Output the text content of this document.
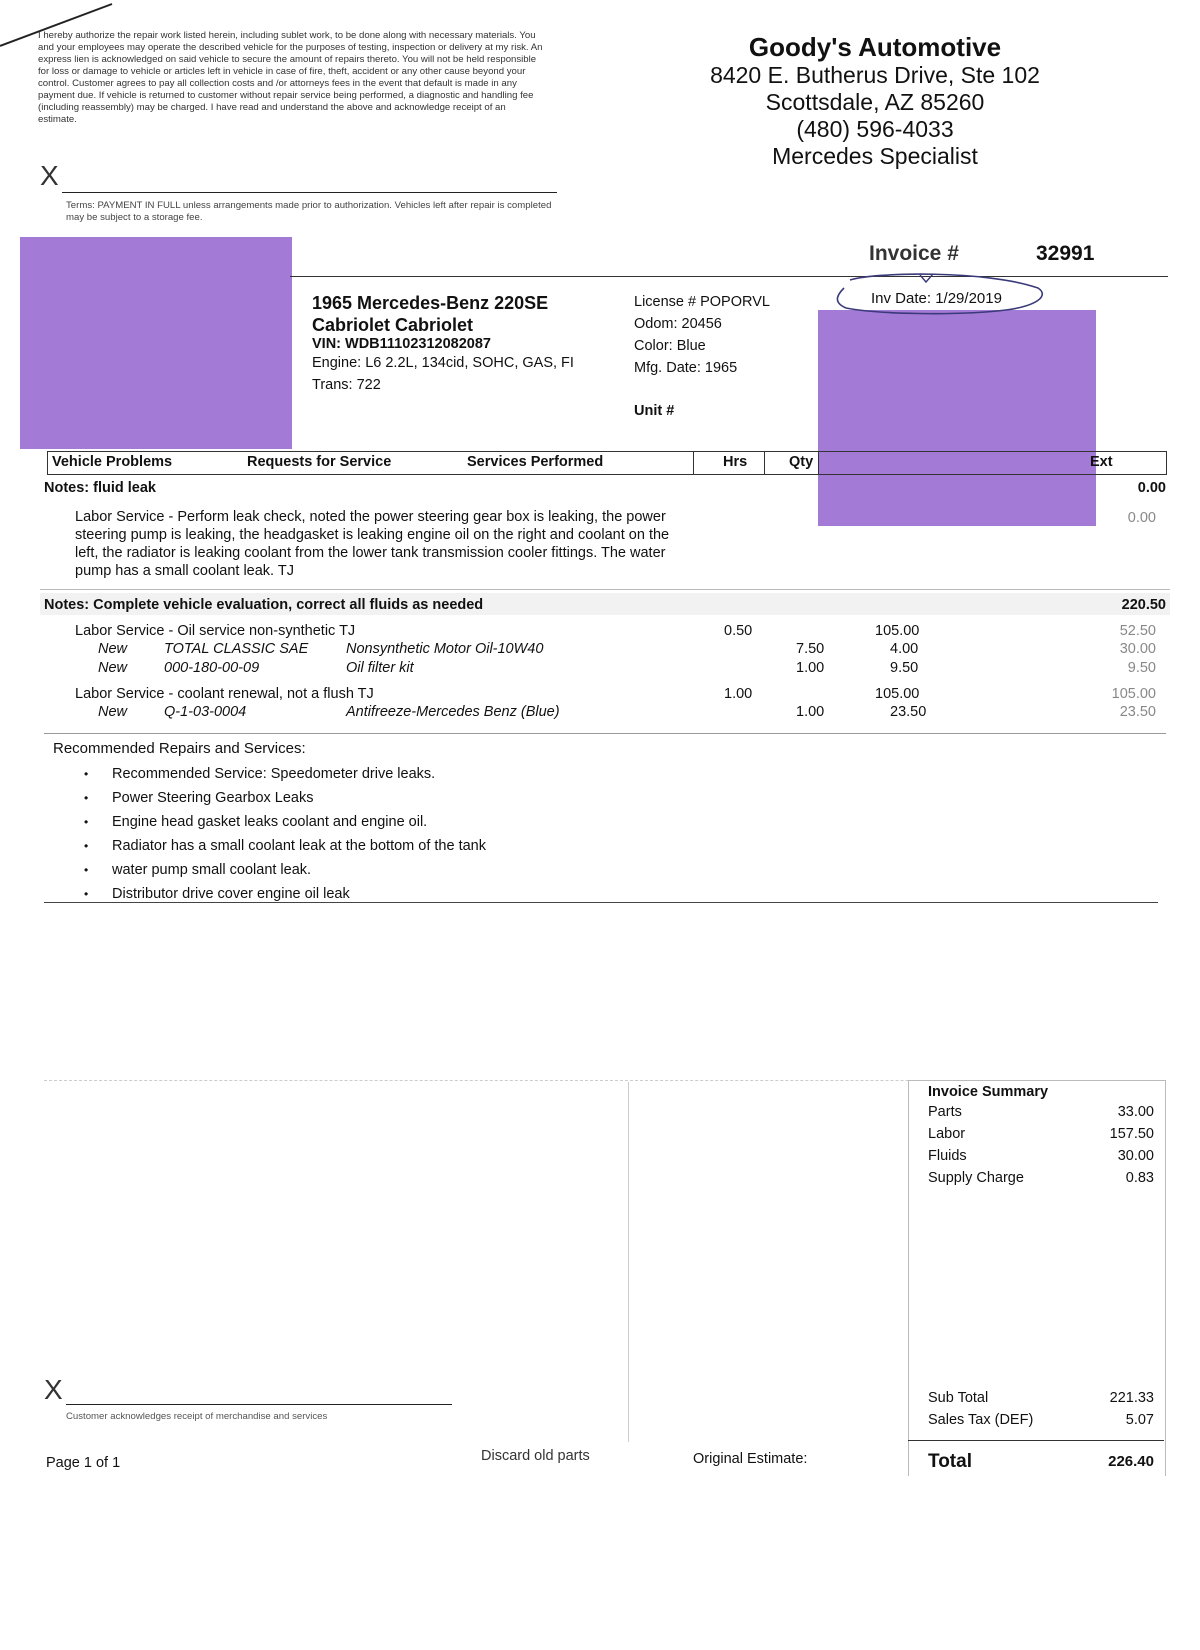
I hereby authorize the repair work listed herein, including sublet work, to be done along with necessary materials. You and your employees may operate the described vehicle for the purposes of testing, inspection or delivery at my risk. An express lien is acknowledged on said vehicle to secure the amount of repairs thereto. You will not be held responsible for loss or damage to vehicle or articles left in vehicle in case of fire, theft, accident or any other cause beyond your control. Customer agrees to pay all collection costs and /or attorneys fees in the event that default is made in any payment due. If vehicle is returned to customer without repair service being performed, a diagnostic and handling fee (including reassembly) may be charged. I have read and understand the above and acknowledge receipt of an estimate.
X
Terms: PAYMENT IN FULL unless arrangements made prior to authorization. Vehicles left after repair is completed may be subject to a storage fee.
Goody's Automotive
8420 E. Butherus Drive, Ste 102
Scottsdale, AZ 85260
(480) 596-4033
Mercedes Specialist
Invoice #	32991
Inv Date: 1/29/2019
1965 Mercedes-Benz 220SE
Cabriolet Cabriolet
VIN: WDB11102312082087
Engine: L6 2.2L, 134cid, SOHC, GAS, FI
Trans: 722
License # POPORVL
Odom: 20456
Color: Blue
Mfg. Date: 1965
Unit #
Vehicle Problems	Requests for Service	Services Performed	Hrs	Qty	Ext
Notes: fluid leak	0.00
Labor Service - Perform leak check, noted the power steering gear box is leaking, the power steering pump is leaking, the headgasket is leaking engine oil on the right and coolant on the left, the radiator is leaking coolant from the lower tank transmission cooler fittings. The water pump has a small coolant leak. TJ
0.00
Notes: Complete vehicle evaluation, correct all fluids as needed	220.50
Labor Service - Oil service non-synthetic TJ	0.50	105.00	52.50
New	TOTAL CLASSIC SAE	Nonsynthetic Motor Oil-10W40	7.50	4.00	30.00
New	000-180-00-09	Oil filter kit	1.00	9.50	9.50
Labor Service - coolant renewal, not a flush TJ	1.00	105.00	105.00
New	Q-1-03-0004	Antifreeze-Mercedes Benz (Blue)	1.00	23.50	23.50
Recommended Repairs and Services:
• Recommended Service: Speedometer drive leaks.
• Power Steering Gearbox Leaks
• Engine head gasket leaks coolant and engine oil.
• Radiator has a small coolant leak at the bottom of the tank
• water pump small coolant leak.
• Distributor drive cover engine oil leak
Invoice Summary
Parts	33.00
Labor	157.50
Fluids	30.00
Supply Charge	0.83
Sub Total	221.33
Sales Tax (DEF)	5.07
Total	226.40
X
Customer acknowledges receipt of merchandise and services
Page 1 of 1	Discard old parts	Original Estimate:
